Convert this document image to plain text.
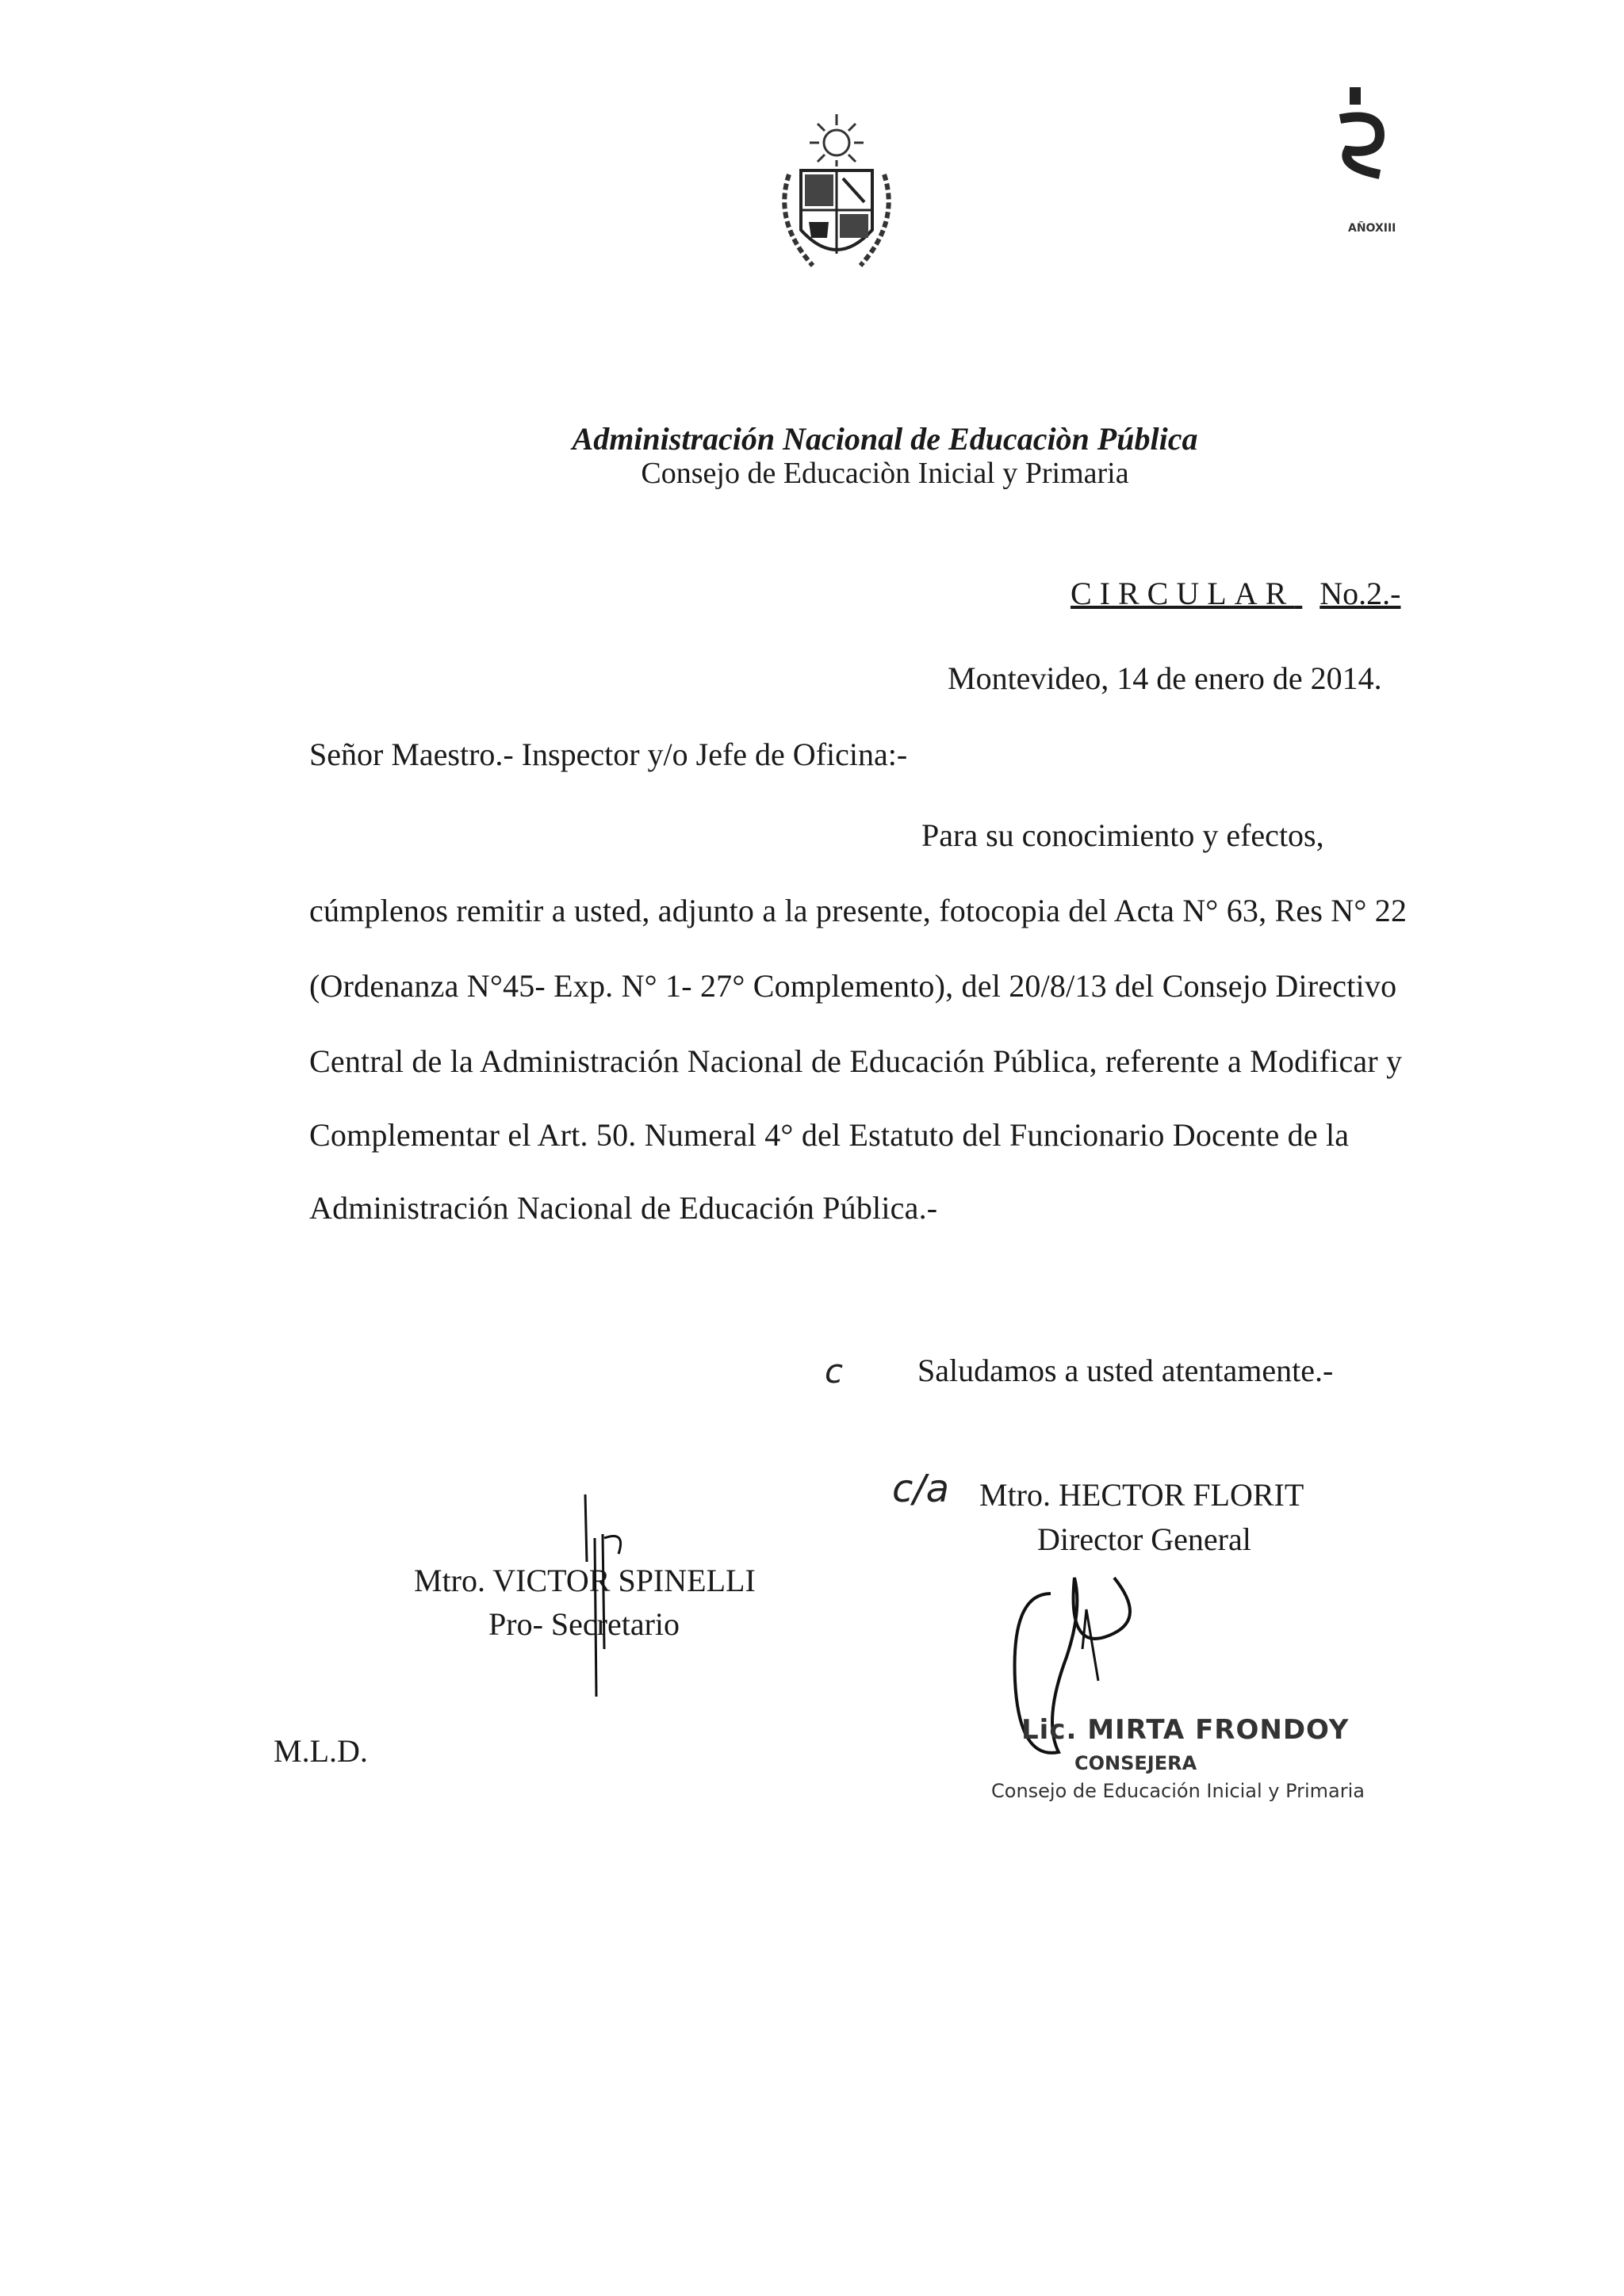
AÑOXIII
Administración Nacional de Educaciòn Pública
Consejo de Educaciòn Inicial y Primaria
CIRCULAR No.2.-
Montevideo, 14 de enero de 2014.
Señor Maestro.- Inspector y/o Jefe de Oficina:-
Para su conocimiento y efectos,
cúmplenos remitir a usted, adjunto a la presente, fotocopia del Acta N° 63, Res N° 22
(Ordenanza N°45- Exp. N° 1- 27° Complemento), del 20/8/13 del Consejo Directivo
Central de la Administración Nacional de Educación Pública, referente a Modificar y
Complementar el Art. 50. Numeral 4° del Estatuto del Funcionario Docente de la
Administración Nacional de Educación Pública.-
c Saludamos a usted atentamente.-
c/a Mtro. HECTOR FLORIT
Director General
Lic. MIRTA FRONDOY
CONSEJERA
Consejo de Educación Inicial y Primaria
Mtro. VICTOR SPINELLI
Pro- Secretario
M.L.D.
